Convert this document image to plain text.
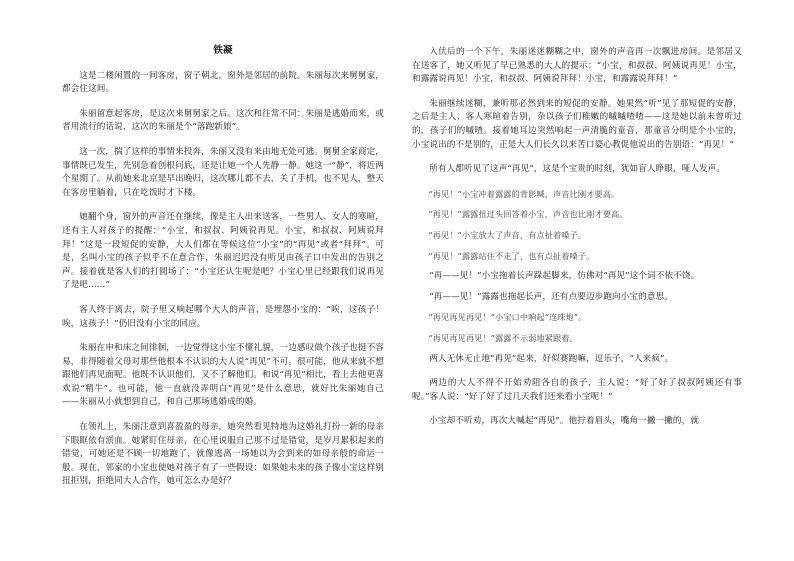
铁凝

这是二楼闲置的一间客房，窗子朝北，窗外是邻居的前院。朱丽每次来舅舅家，都会住这间。

朱丽留意起客房，是这次来舅舅家之后。这次和往常不同：朱丽是逃婚而来，或者用流行的话说，这次的朱丽是个“落跑新娘”。

这一次，揣了这样的事情来投奔，朱丽又没有来由地无处可逃。舅舅全家商定，事情既已发生，先别急着创根问底，还是让她一个人先静一静。她这一“静”，将近两个星期了。从前她来北京是早出晚归，这次哪儿都不去，关了手机，也不见人，整天在客房里躺着，只在吃饭时才下楼。

她翻个身，窗外的声音还在继续，像是主人出来送客，一些男人、女人的寒暄，还有主人对孩子的提醒：“小宝，和叔叔、阿姨说再见。小宝，和叔叔、阿姨说拜拜！”这是一段短促的安静，大人们都在等候这位“小宝”的“再见”或者“拜拜”。可是，名叫小宝的孩子似乎不在意合作，朱丽迟迟没有听见由孩子口中发出的告别之声。接着就是客人们的打圆场了：“小宝还认生呢是吧？小宝心里已经跟我们说再见了是吧……”

客人终于离去，院子里又响起哪个大人的声音，是埋怨小宝的：“唉，这孩子！唉，这孩子！”仍旧没有小宝的回应。

朱丽在申和床之间徘徊，一边觉得这小宝不懂礼貌，一边感叹做个孩子也挺不容易，非得随着父母对那些他根本不认识的大人说“再见”不可。很可能，他从来就不想跟他们再见面呢。他既不认识他们，又不了解他们。和说“再见”相比，看上去他更喜欢说“精牛”。也可能，他一直就没弄明白“再见”是什么意思，就好比朱丽她自己——朱丽从小就想到自己，和自己那场逃婚成的婚。

在领礼上，朱丽注意到喜盈盈的母亲，她突然看见特地为这婚礼打扮一新的母亲下眼眶依有淤血。她紧盯住母亲，在心里说服自己那不过是错觉，是岁月累积起来的错觉，可她还是不顾一切地跑了，就像逃离一场她以为会到来的如母亲般的命运一般。现在，邻家的小宝也使她对孩子有了一些假设：如果她未来的孩子像小宝这样别扭拒别，拒绝同大人合作，她可怎么办是好？

入伏后的一个下午，朱丽迷迷糊糊之中，窗外的声音再一次飘进房间。是邻居又在送客了，她又听见了早已熟悉的大人的提示：“小宝，和叔叔、阿姨说再见！小宝，和露露说再见！小宝，和叔叔、阿姨说拜拜！小宝，和露露说拜拜！”

朱丽继续迷糊，兼听那必然到来的短促的安静。她果然“听”见了那短促的安静，之后是主人、客人寒暄着告别，杂以孩子们稚嫩的嘁嘁喳喳——这是她以前未曾听过的，孩子们的嘁喳。接着她耳边突然响起一声清脆的童音，那童音分明是个小宝的，小宝说出的不是别的，正是大人们长久以来苦口婆心教促他说出的告别语：“再见！”

所有人都听见了这声“再见”，这是个宝贵的时刻，犹如盲人睁眼，哑人发声。

“再见！”小宝冲着露露的背影喊，声音比刚才要高。

“再见！”露露扭过头回答着小宝，声音也比刚才要高。

“再见！”小宝放大了声音，有点扯着嗓子。

“再见！”露露站住不走了，也有点扯着嗓子。

“再——见！”小宝拖着长声跺起脚来，仿佛对“再见”这个词不依不饶。

“再——见！”露露也拖起长声，还有点要迈步跑向小宝的意思。

“再见再见再见！”小宝口中响起“连珠炮”。

“再见再见再见！”露露不示弱地紧跟着。

两人无休无止地“再见”起来，好似赛跑嘛，逗乐子，“人来疯”。

两边的大人不得不开始劝阻各自的孩子，主人说：“好了好了叔叔阿姨还有事呢。”客人说：“好了好了过几天我们还来看小宝呢！”

小宝却不听劝，再次大喊起“再见”。他拧着眉头，嘴角一撇一撇的，就
